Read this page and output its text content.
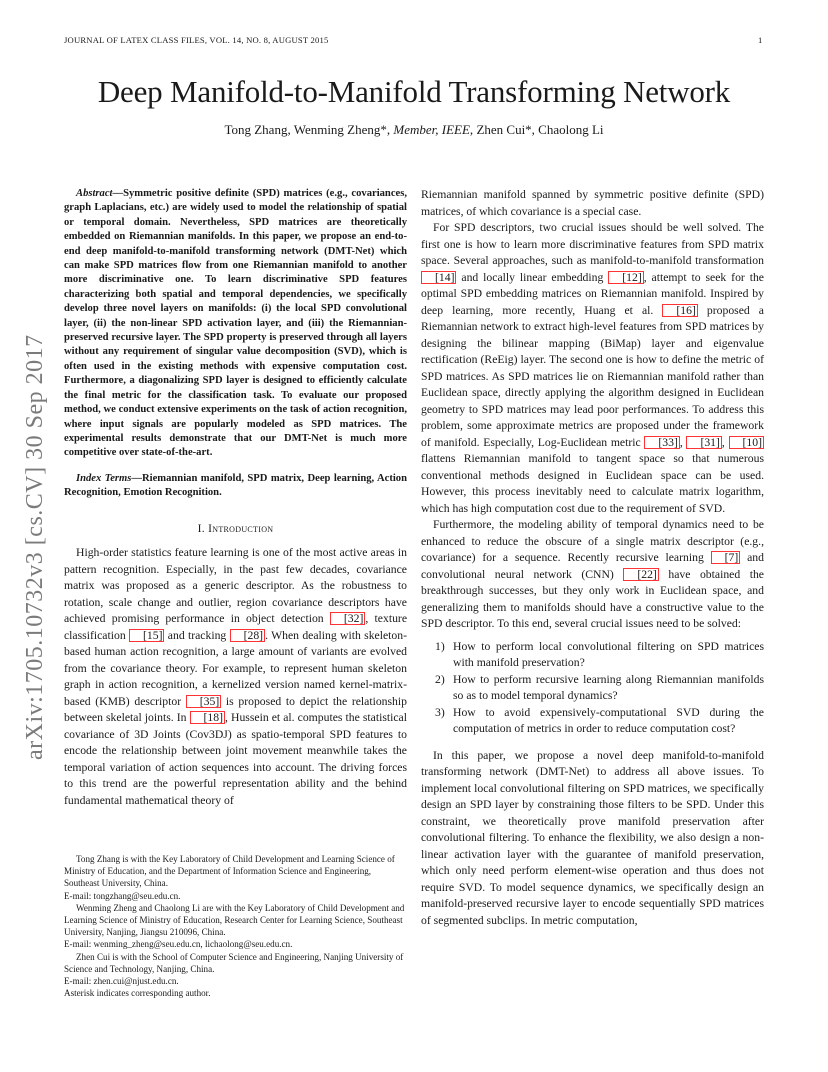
JOURNAL OF LATEX CLASS FILES, VOL. 14, NO. 8, AUGUST 2015	1
Deep Manifold-to-Manifold Transforming Network
Tong Zhang, Wenming Zheng*, Member, IEEE, Zhen Cui*, Chaolong Li
arXiv:1705.10732v3 [cs.CV] 30 Sep 2017

Abstract—Symmetric positive definite (SPD) matrices (e.g., covariances, graph Laplacians, etc.) are widely used to model the relationship of spatial or temporal domain. Nevertheless, SPD matrices are theoretically embedded on Riemannian manifolds. In this paper, we propose an end-to-end deep manifold-to-manifold transforming network (DMT-Net) which can make SPD matrices flow from one Riemannian manifold to another more discriminative one. To learn discriminative SPD features characterizing both spatial and temporal dependencies, we specifically develop three novel layers on manifolds: (i) the local SPD convolutional layer, (ii) the non-linear SPD activation layer, and (iii) the Riemannian-preserved recursive layer. The SPD property is preserved through all layers without any requirement of singular value decomposition (SVD), which is often used in the existing methods with expensive computation cost. Furthermore, a diagonalizing SPD layer is designed to efficiently calculate the final metric for the classification task. To evaluate our proposed method, we conduct extensive experiments on the task of action recognition, where input signals are popularly modeled as SPD matrices. The experimental results demonstrate that our DMT-Net is much more competitive over state-of-the-art.

Index Terms—Riemannian manifold, SPD matrix, Deep learning, Action Recognition, Emotion Recognition.

I. Introduction

High-order statistics feature learning is one of the most active areas in pattern recognition. Especially, in the past few decades, covariance matrix was proposed as a generic descriptor. As the robustness to rotation, scale change and outlier, region covariance descriptors have achieved promising performance in object detection [32] , texture classification [15] and tracking [28] . When dealing with skeleton-based human action recognition, a large amount of variants are evolved from the covariance theory. For example, to represent human skeleton graph in action recognition, a kernelized version named kernel-matrix-based (KMB) descriptor [35] is proposed to depict the relationship between skeletal joints. In [18] , Hussein et al. computes the statistical covariance of 3D Joints (Cov3DJ) as spatio-temporal SPD features to encode the relationship between joint movement meanwhile takes the temporal variation of action sequences into account. The driving forces to this trend are the powerful representation ability and the behind fundamental mathematical theory of

Tong Zhang is with the Key Laboratory of Child Development and Learning Science of Ministry of Education, and the Department of Information Science and Engineering, Southeast University, China.

E-mail: tongzhang@seu.edu.cn.

Wenming Zheng and Chaolong Li are with the Key Laboratory of Child Development and Learning Science of Ministry of Education, Research Center for Learning Science, Southeast University, Nanjing, Jiangsu 210096, China.

E-mail: wenming_zheng@seu.edu.cn, lichaolong@seu.edu.cn.

Zhen Cui is with the School of Computer Science and Engineering, Nanjing University of Science and Technology, Nanjing, China.

E-mail: zhen.cui@njust.edu.cn.

Asterisk indicates corresponding author.

Riemannian manifold spanned by symmetric positive definite (SPD) matrices, of which covariance is a special case.

For SPD descriptors, two crucial issues should be well solved. The first one is how to learn more discriminative features from SPD matrix space. Several approaches, such as manifold-to-manifold transformation [14] and locally linear embedding [12] , attempt to seek for the optimal SPD embedding matrices on Riemannian manifold. Inspired by deep learning, more recently, Huang et al. [16] proposed a Riemannian network to extract high-level features from SPD matrices by designing the bilinear mapping (BiMap) layer and eigenvalue rectification (ReEig) layer. The second one is how to define the metric of SPD matrices. As SPD matrices lie on Riemannian manifold rather than Euclidean space, directly applying the algorithm designed in Euclidean geometry to SPD matrices may lead poor performances. To address this problem, some approximate metrics are proposed under the framework of manifold. Especially, Log-Euclidean metric [33] , [31] , [10] flattens Riemannian manifold to tangent space so that numerous conventional methods designed in Euclidean space can be used. However, this process inevitably need to calculate matrix logarithm, which has high computation cost due to the requirement of SVD.

Furthermore, the modeling ability of temporal dynamics need to be enhanced to reduce the obscure of a single matrix descriptor (e.g., covariance) for a sequence. Recently recursive learning [7] and convolutional neural network (CNN) [22] have obtained the breakthrough successes, but they only work in Euclidean space, and generalizing them to manifolds should have a constructive value to the SPD descriptor. To this end, several crucial issues need to be solved:

1) How to perform local convolutional filtering on SPD matrices with manifold preservation?
2) How to perform recursive learning along Riemannian manifolds so as to model temporal dynamics?
3) How to avoid expensively-computational SVD during the computation of metrics in order to reduce computation cost?

In this paper, we propose a novel deep manifold-to-manifold transforming network (DMT-Net) to address all above issues. To implement local convolutional filtering on SPD matrices, we specifically design an SPD layer by constraining those filters to be SPD. Under this constraint, we theoretically prove manifold preservation after convolutional filtering. To enhance the flexibility, we also design a non-linear activation layer with the guarantee of manifold preservation, which only need perform element-wise operation and thus does not require SVD. To model sequence dynamics, we specifically design an manifold-preserved recursive layer to encode sequentially SPD matrices of segmented subclips. In metric computation,
